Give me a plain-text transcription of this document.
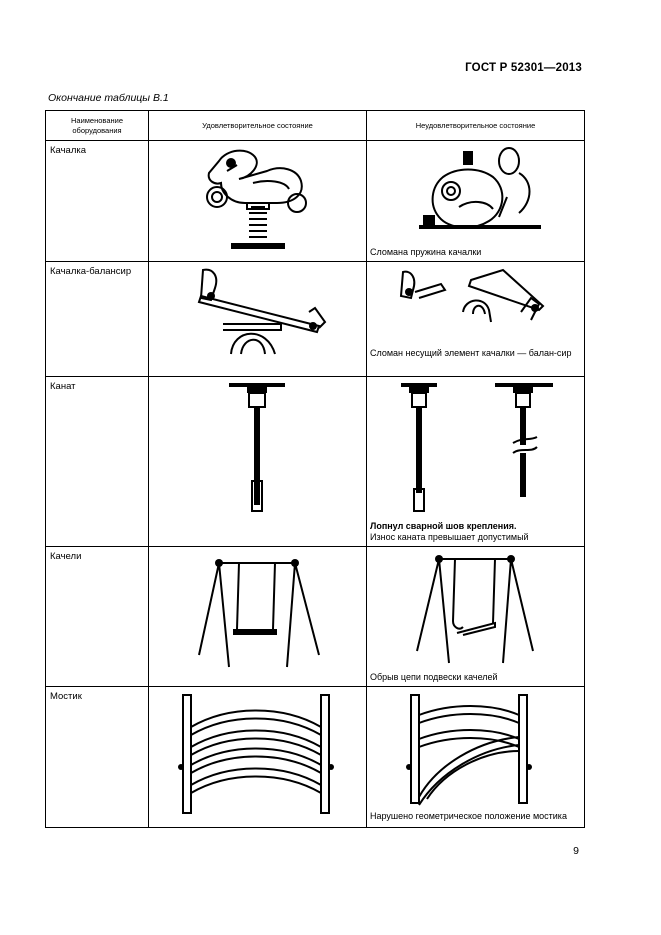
ГОСТ Р 52301—2013
Окончание таблицы В.1
Наименование оборудования	Удовлетворительное состояние	Неудовлетворительное состояние
Качалка		Сломана пружина качалки

Качалка-балансир		Сломан несущий элемент качалки — балан-сир

Канат		Лопнул сварной шов крепления.
Износ каната превышает допустимый

Качели		Обрыв цепи подвески качелей

Мостик		Нарушено геометрическое положение мостика
9
